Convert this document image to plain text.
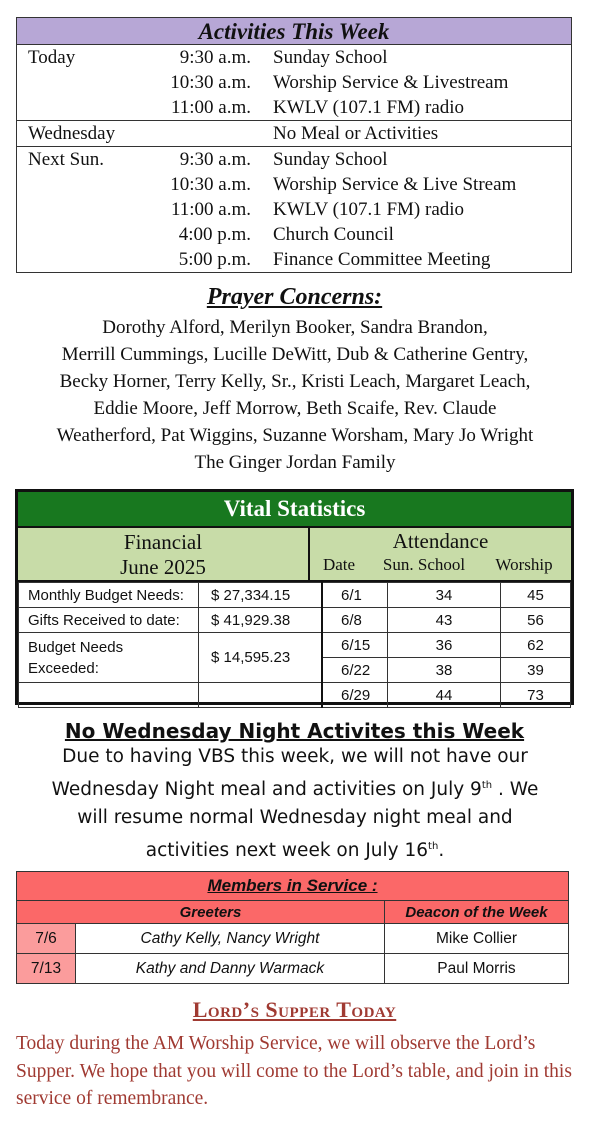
Activities This Week
Today	9:30 a.m.	Sunday School
	10:30 a.m.	Worship Service & Livestream
	11:00 a.m.	KWLV (107.1 FM) radio
Wednesday		No Meal or Activities
Next Sun.	9:30 a.m.	Sunday School
	10:30 a.m.	Worship Service & Live Stream
	11:00 a.m.	KWLV (107.1 FM) radio
	4:00 p.m.	Church Council
	5:00 p.m.	Finance Committee Meeting
Prayer Concerns:
Dorothy Alford, Merilyn Booker, Sandra Brandon,
Merrill Cummings, Lucille DeWitt, Dub & Catherine Gentry,
Becky Horner, Terry Kelly, Sr., Kristi Leach, Margaret Leach,
Eddie Moore, Jeff Morrow, Beth Scaife, Rev. Claude
Weatherford, Pat Wiggins, Suzanne Worsham, Mary Jo Wright
The Ginger Jordan Family
Vital Statistics
Financial
June 2025
Attendance
Date	Sun. School	Worship
Monthly Budget Needs:	$ 27,334.15	6/1	34	45
Gifts Received to date:	$ 41,929.38	6/8	43	56
Budget Needs Exceeded:	$ 14,595.23	6/15	36	62
		6/22	38	39
		6/29	44	73
No Wednesday Night Activites this Week
Due to having VBS this week, we will not have our
Wednesday Night meal and activities on July 9th . We
will resume normal Wednesday night meal and
activities next week on July 16th.
Members in Service :		
Greeters		Deacon of the Week
7/6	Cathy Kelly, Nancy Wright	Mike Collier
7/13	Kathy and Danny Warmack	Paul Morris
Lord’s Supper Today
Today during the AM Worship Service, we will observe the Lord’s Supper. We hope that you will come to the Lord’s table, and join in this service of remembrance.
